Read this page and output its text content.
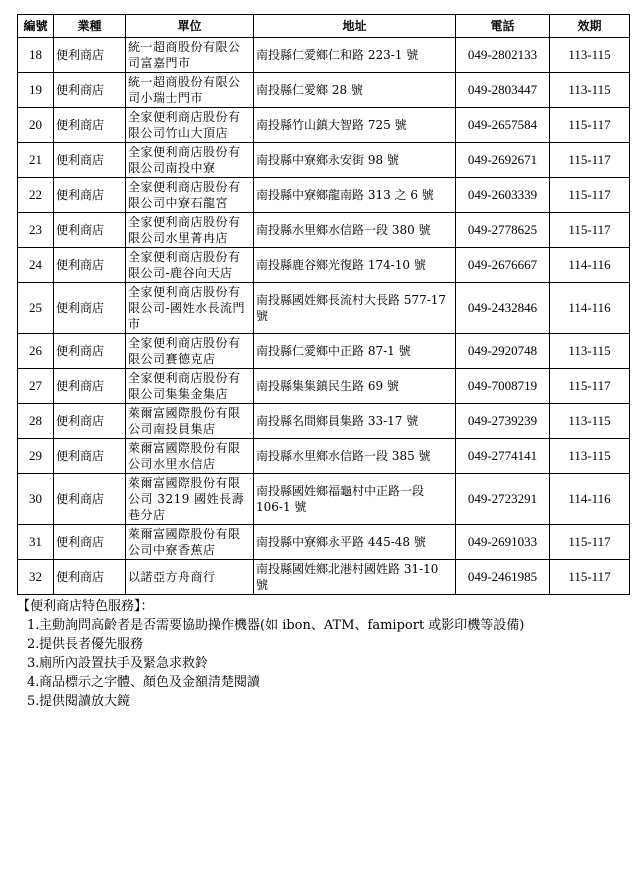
編號	業種	單位	地址	電話	效期
18	便利商店	統一超商股份有限公司富嘉門市	南投縣仁愛鄉仁和路 223-1 號	049-2802133	113-115
19	便利商店	統一超商股份有限公司小瑞士門市	南投縣仁愛鄉 28 號	049-2803447	113-115
20	便利商店	全家便利商店股份有限公司竹山大頂店	南投縣竹山鎮大智路 725 號	049-2657584	115-117
21	便利商店	全家便利商店股份有限公司南投中寮	南投縣中寮鄉永安街 98 號	049-2692671	115-117
22	便利商店	全家便利商店股份有限公司中寮石龍宮	南投縣中寮鄉龍南路 313 之 6 號	049-2603339	115-117
23	便利商店	全家便利商店股份有限公司水里菁冉店	南投縣水里鄉水信路一段 380 號	049-2778625	115-117
24	便利商店	全家便利商店股份有限公司-鹿谷向天店	南投縣鹿谷鄉光復路 174-10 號	049-2676667	114-116
25	便利商店	全家便利商店股份有限公司-國姓水長流門市	南投縣國姓鄉長流村大長路 577-17 號	049-2432846	114-116
26	便利商店	全家便利商店股份有限公司賽德克店	南投縣仁愛鄉中正路 87-1 號	049-2920748	113-115
27	便利商店	全家便利商店股份有限公司集集金集店	南投縣集集鎮民生路 69 號	049-7008719	115-117
28	便利商店	萊爾富國際股份有限公司南投員集店	南投縣名間鄉員集路 33-17 號	049-2739239	113-115
29	便利商店	萊爾富國際股份有限公司水里水信店	南投縣水里鄉水信路一段 385 號	049-2774141	113-115
30	便利商店	萊爾富國際股份有限公司 3219 國姓長壽巷分店	南投縣國姓鄉福龜村中正路一段 106-1 號	049-2723291	114-116
31	便利商店	萊爾富國際股份有限公司中寮香蕉店	南投縣中寮鄉永平路 445-48 號	049-2691033	115-117
32	便利商店	以諾亞方舟商行	南投縣國姓鄉北港村國姓路 31-10 號	049-2461985	115-117
【便利商店特色服務】：
1.主動詢問高齡者是否需要協助操作機器(如 ibon、ATM、famiport 或影印機等設備)
2.提供長者優先服務
3.廁所內設置扶手及緊急求救鈴
4.商品標示之字體、顏色及金額清楚閱讀
5.提供閱讀放大鏡
